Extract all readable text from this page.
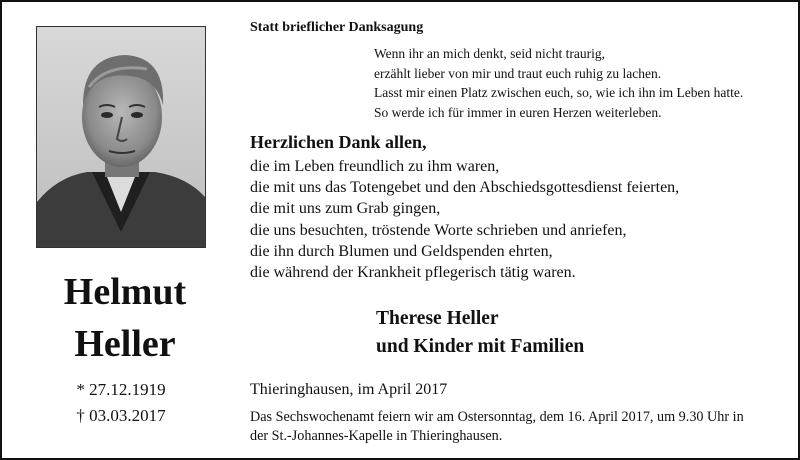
Helmut
Heller
* 27.12.1919
† 03.03.2017
Statt brieflicher Danksagung
Wenn ihr an mich denkt, seid nicht traurig,
erzählt lieber von mir und traut euch ruhig zu lachen.
Lasst mir einen Platz zwischen euch, so, wie ich ihn im Leben hatte.
So werde ich für immer in euren Herzen weiterleben.
Herzlichen Dank allen,
die im Leben freundlich zu ihm waren,
die mit uns das Totengebet und den Abschiedsgottesdienst feierten,
die mit uns zum Grab gingen,
die uns besuchten, tröstende Worte schrieben und anriefen,
die ihn durch Blumen und Geldspenden ehrten,
die während der Krankheit pflegerisch tätig waren.
Therese Heller
und Kinder mit Familien
Thieringhausen, im April 2017
Das Sechswochenamt feiern wir am Ostersonntag, dem 16. April 2017, um 9.30 Uhr in
der St.-Johannes-Kapelle in Thieringhausen.
